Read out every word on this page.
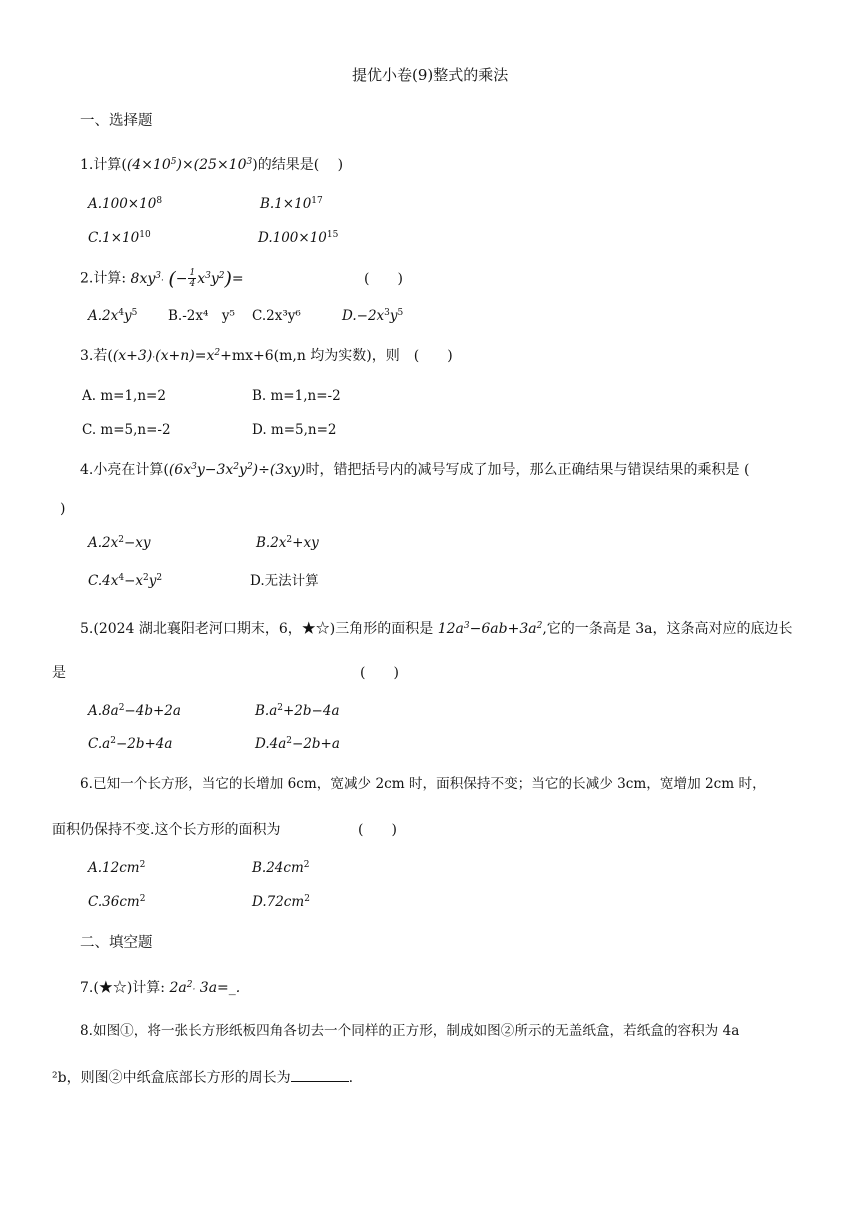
提优小卷(9)整式的乘法
一、选择题
1.计算($(4\times 10^5)\times(25\times 10^3)$的结果是(　 )
$A.100\times 10^8$	$B.1\times 10^{17}$
$C.1\times 10^{10}$	$D.100\times 10^{15}$
2.计算: $8xy^3\cdot$ (− $\frac{1}{4} x^3y^2)=$	(　　)
$A.2x^4y^5$ B.-2x⁴　y⁵ C.2x³y⁶	$D.-2x^3y^5$
3.若($(x+3)\cdot(x+n)=x^2+mx+6(m,n$ 均为实数)，则　(　　)
A. m=1,n=2	B. m=1,n=-2
C. m=5,n=-2	D. m=5,n=2
4.小亮在计算($(6x^3y-3x^2y^2)\div(3xy)$时，错把括号内的减号写成了加号，那么正确结果与错误结果的乘积是 (
)
$A.2x^2-xy$	$B.2x^2+xy$
$C.4x^4-x^2y^2$	D.无法计算
5.(2024 湖北襄阳老河口期末，6，★☆)三角形的面积是 $12a^3-6ab+3a^2$,它的一条高是 3a，这条高对应的底边长
是	(　　)
$A.8a^2-4b+2a$	$B.a^2+2b-4a$
$C.a^2-2b+4a$	$D.4a^2-2b+a$
6.已知一个长方形，当它的长增加 6cm，宽减少 2cm 时，面积保持不变；当它的长减少 3cm，宽增加 2cm 时，
面积仍保持不变.这个长方形的面积为	(　　)
$A.12cm^2$	$B.24cm^2$
$C.36cm^2$	$D.72cm^2$
二、填空题
7.(★☆)计算: $2a^2\cdot$ 3a=_.
8.如图①，将一张长方形纸板四角各切去一个同样的正方形，制成如图②所示的无盖纸盒，若纸盒的容积为 4a
²b，则图②中纸盒底部长方形的周长为	.
